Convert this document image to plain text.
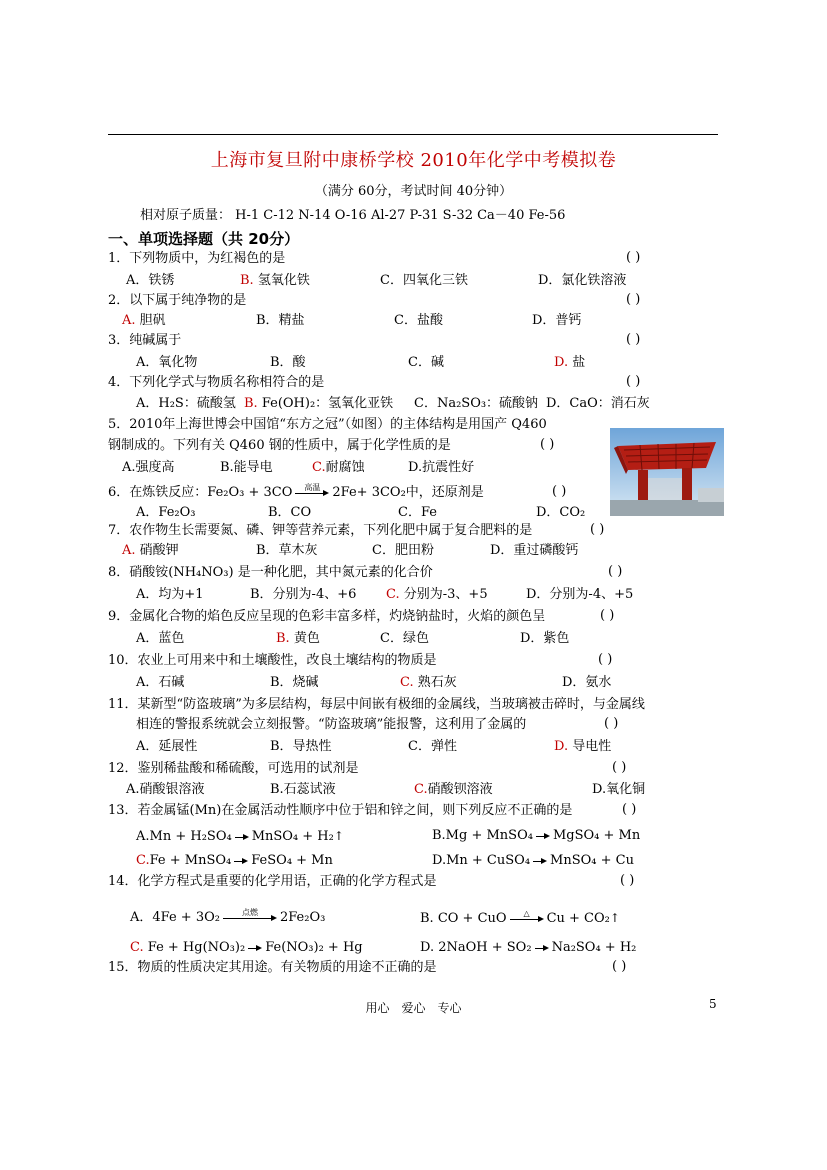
上海市复旦附中康桥学校 2010年化学中考模拟卷
（满分 60分，考试时间 40分钟）
相对原子质量： H-1 C-12 N-14 O-16 Al-27 P-31 S-32 Ca－40 Fe-56
一、单项选择题（共 20分）
1．下列物质中，为红褐色的是	( )
A．铁锈	B. 氢氧化铁	C．四氧化三铁	D．氯化铁溶液
2．以下属于纯净物的是	( )
A. 胆矾	B．精盐	C．盐酸	D．普钙
3．纯碱属于	( )
A．氧化物	B．酸	C．碱	D. 盐
4．下列化学式与物质名称相符合的是	( )
A．H₂S：硫酸氢 B. Fe(OH)₂：氢氧化亚铁 C．Na₂SO₃：硫酸钠 D．CaO：消石灰
5．2010年上海世博会中国馆“东方之冠”（如图）的主体结构是用国产 Q460
钢制成的。下列有关 Q460 钢的性质中，属于化学性质的是	( )
A.强度高	B.能导电	C.耐腐蚀	D.抗震性好
6．在炼铁反应：Fe₂O₃ + 3CO	高温 2Fe+ 3CO₂中，还原剂是	( )
A．Fe₂O₃	B．CO	C．Fe	D．CO₂
7．农作物生长需要氮、磷、钾等营养元素，下列化肥中属于复合肥料的是	( )
A. 硝酸钾	B．草木灰	C．肥田粉	D．重过磷酸钙
8．硝酸铵(NH₄NO₃) 是一种化肥，其中氮元素的化合价	( )
A．均为+1	B．分别为-4、+6 C. 分别为-3、+5	D．分别为-4、+5
9．金属化合物的焰色反应呈现的色彩丰富多样，灼烧钠盐时，火焰的颜色呈	( )
A．蓝色	B. 黄色	C．绿色	D．紫色
10．农业上可用来中和土壤酸性，改良土壤结构的物质是	( )
A．石碱	B．烧碱	C. 熟石灰	D．氨水
11．某新型“防盗玻璃”为多层结构，每层中间嵌有极细的金属线，当玻璃被击碎时，与金属线
相连的警报系统就会立刻报警。“防盗玻璃”能报警，这利用了金属的	( )
A．延展性	B．导热性	C．弹性	D. 导电性
12．鉴别稀盐酸和稀硫酸，可选用的试剂是	( )
A.硝酸银溶液	B.石蕊试液	C.硝酸钡溶液	D.氧化铜
13．若金属锰(Mn)在金属活动性顺序中位于铝和锌之间，则下列反应不正确的是	( )
A.Mn + H₂SO₄ MnSO₄ + H₂↑	B.Mg + MnSO₄ MgSO₄ + Mn
C.Fe + MnSO₄ FeSO₄ + Mn	D.Mn + CuSO₄ MnSO₄ + Cu
14．化学方程式是重要的化学用语，正确的化学方程式是	( )
A．4Fe + 3O₂	点燃	2Fe₂O₃	B. CO + CuO	△	Cu + CO₂↑
C. Fe + Hg(NO₃)₂ Fe(NO₃)₂ + Hg	D. 2NaOH + SO₂ Na₂SO₄ + H₂
15．物质的性质决定其用途。有关物质的用途不正确的是	( )
用心　爱心　专心	5
